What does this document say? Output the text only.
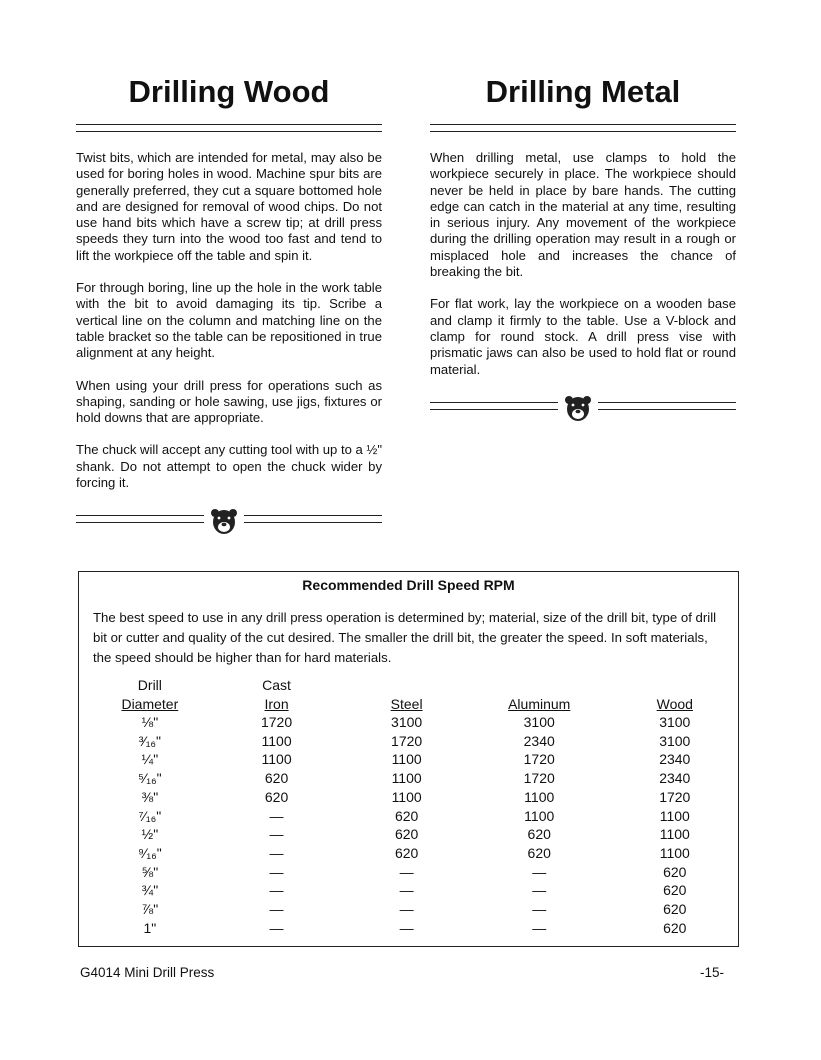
Drilling Wood

Twist bits, which are intended for metal, may also be used for boring holes in wood. Machine spur bits are generally preferred, they cut a square bottomed hole and are designed for removal of wood chips. Do not use hand bits which have a screw tip; at drill press speeds they turn into the wood too fast and tend to lift the workpiece off the table and spin it.

For through boring, line up the hole in the work table with the bit to avoid damaging its tip. Scribe a vertical line on the column and matching line on the table bracket so the table can be repositioned in true alignment at any height.

When using your drill press for operations such as shaping, sanding or hole sawing, use jigs, fixtures or hold downs that are appropriate.

The chuck will accept any cutting tool with up to a ½" shank. Do not attempt to open the chuck wider by forcing it.

Drilling Metal

When drilling metal, use clamps to hold the workpiece securely in place. The workpiece should never be held in place by bare hands. The cutting edge can catch in the material at any time, resulting in serious injury. Any movement of the workpiece during the drilling operation may result in a rough or misplaced hole and increases the chance of breaking the bit.

For flat work, lay the workpiece on a wooden base and clamp it firmly to the table. Use a V-block and clamp for round stock. A drill press vise with prismatic jaws can also be used to hold flat or round material.

Recommended Drill Speed RPM
The best speed to use in any drill press operation is determined by; material, size of the drill bit, type of drill bit or cutter and quality of the cut desired. The smaller the drill bit, the greater the speed. In soft materials, the speed should be higher than for hard materials.
Drill	Cast			
Diameter	Iron	Steel	Aluminum	Wood
⅛"	1720	3100	3100	3100
³⁄₁₆"	1100	1720	2340	3100
¼"	1100	1100	1720	2340
⁵⁄₁₆"	620	1100	1720	2340
⅜"	620	1100	1100	1720
⁷⁄₁₆"	—	620	1100	1100
½"	—	620	620	1100
⁹⁄₁₆"	—	620	620	1100
⅝"	—	—	—	620
¾"	—	—	—	620
⅞"	—	—	—	620
1"	—	—	—	620
G4014 Mini Drill Press	-15-
